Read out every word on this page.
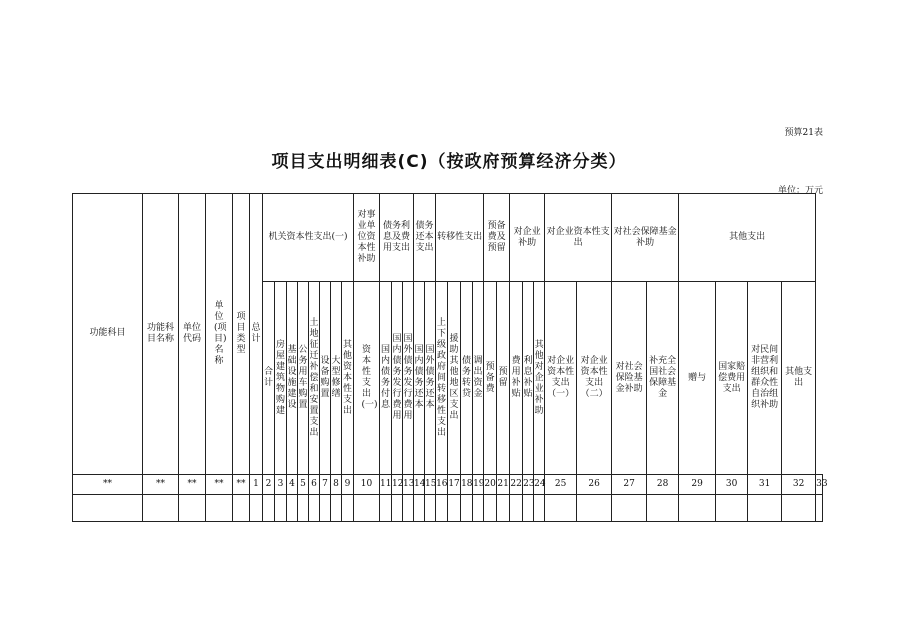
预算21表
项目支出明细表(C)（按政府预算经济分类）
单位：万元
功能科目	功能科目名称	单位代码	单位(项目)名称	项目类型	总计	机关资本性支出(一)								对事业单位资本性补助	债务利息及费用支出			债务还本支出		转移性支出				预备费及预留		对企业补助			对企业资本性支出		对社会保障基金补助		其他支出				

						合计	房屋建筑物购建	基础设施建设	公务用车购置	土地征迁补偿和安置支出	设备购置	大型修缮	其他资本性支出	资本性支出(一)	国内债务付息	国内债务发行费用	国外债务发行费用	国内债务还本	国外债务还本	上下级政府间转移性支出	援助其他地区支出	债务转贷	调出资金	预备费	预留	费用补贴	利息补贴	其他对企业补助	对企业资本性支出（一）	对企业资本性支出（二）	对社会保险基金补助	补充全国社会保障基金	赠与	国家赔偿费用支出	对民间非营利组织和群众性自治组织补助	其他支出	

**	**	**	**	**	1	2	3	4	5	6	7	8	9	10	11	12	13	14	15	16	17	18	19	20	21	22	23	24	25	26	27	28	29	30	31	32	33
